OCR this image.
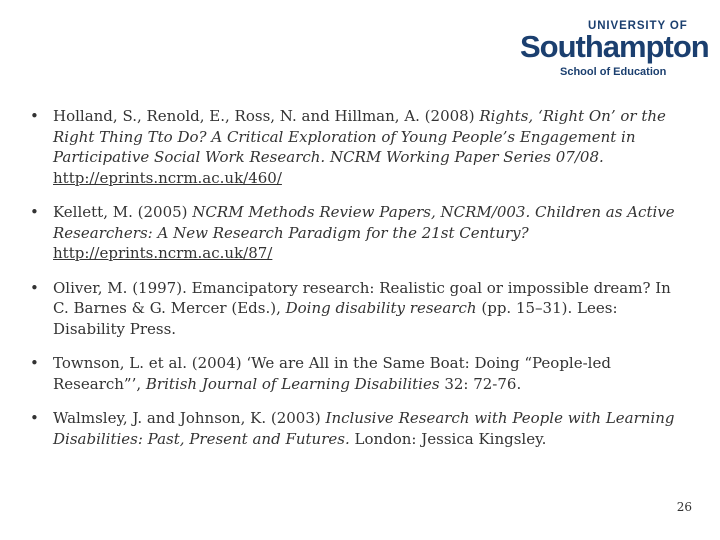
UNIVERSITY OF
Southampton
School of Education
• Holland, S., Renold, E., Ross, N. and Hillman, A. (2008) Rights, ‘Right On’ or the Right Thing Tto Do? A Critical Exploration of Young People’s Engagement in Participative Social Work Research. NCRM Working Paper Series 07/08.
http://eprints.ncrm.ac.uk/460/
• Kellett, M. (2005) NCRM Methods Review Papers, NCRM/003. Children as Active Researchers: A New Research Paradigm for the 21st Century?
http://eprints.ncrm.ac.uk/87/
• Oliver, M. (1997). Emancipatory research: Realistic goal or impossible dream? In C. Barnes & G. Mercer (Eds.), Doing disability research (pp. 15–31). Lees: Disability Press.
• Townson, L. et al. (2004) ‘We are All in the Same Boat: Doing “People-led Research”’, British Journal of Learning Disabilities 32: 72-76.
• Walmsley, J. and Johnson, K. (2003) Inclusive Research with People with Learning Disabilities: Past, Present and Futures. London: Jessica Kingsley.
26
